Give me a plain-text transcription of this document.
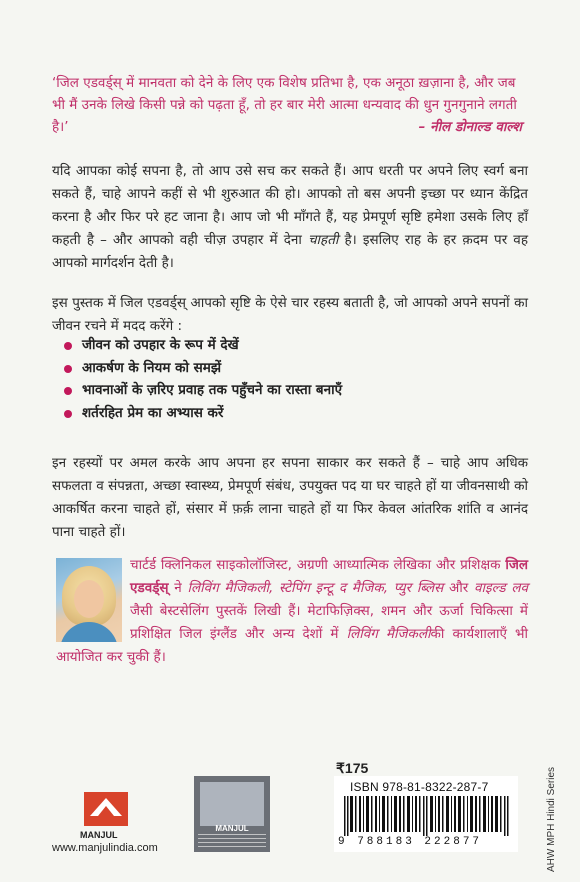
‘जिल एडवर्ड्स् में मानवता को देने के लिए एक विशेष प्रतिभा है, एक अनूठा ख़ज़ाना है, और जब भी मैं उनके लिखे किसी पन्ने को पढ़ता हूँ, तो हर बार मेरी आत्मा धन्यवाद की धुन गुनगुनाने लगती है।’	– नील डोनाल्ड वाल्श

यदि आपका कोई सपना है, तो आप उसे सच कर सकते हैं। आप धरती पर अपने लिए स्वर्ग बना सकते हैं, चाहे आपने कहीं से भी शुरुआत की हो। आपको तो बस अपनी इच्छा पर ध्यान केंद्रित करना है और फिर परे हट जाना है। आप जो भी माँगते हैं, यह प्रेमपूर्ण सृष्टि हमेशा उसके लिए हाँ कहती है – और आपको वही चीज़ उपहार में देना चाहती है। इसलिए राह के हर क़दम पर वह आपको मार्गदर्शन देती है।

इस पुस्तक में जिल एडवर्ड्स् आपको सृष्टि के ऐसे चार रहस्य बताती है, जो आपको अपने सपनों का जीवन रचने में मदद करेंगे :

जीवन को उपहार के रूप में देखें
आकर्षण के नियम को समझें
भावनाओं के ज़रिए प्रवाह तक पहुँचने का रास्ता बनाएँ
शर्तरहित प्रेम का अभ्यास करें

इन रहस्यों पर अमल करके आप अपना हर सपना साकार कर सकते हैं – चाहे आप अधिक सफलता व संपन्नता, अच्छा स्वास्थ्य, प्रेमपूर्ण संबंध, उपयुक्त पद या घर चाहते हों या जीवनसाथी को आकर्षित करना चाहते हों, संसार में फ़र्क़ लाना चाहते हों या फिर केवल आंतरिक शांति व आनंद पाना चाहते हों।

चार्टर्ड क्लिनिकल साइकोलॉजिस्ट, अग्रणी आध्यात्मिक लेखिका और प्रशिक्षक जिल एडवर्ड्स् ने लिविंग मैजिकली, स्टेपिंग इन्टू द मैजिक, प्युर ब्लिस और वाइल्ड लव जैसी बेस्टसेलिंग पुस्तकें लिखी हैं। मेटाफिज़िक्स, शमन और ऊर्जा चिकित्सा में प्रशिक्षित जिल इंग्लैंड और अन्य देशों में लिविंग मैजिकलीकी कार्यशालाएँ भी आयोजित कर चुकी हैं।

₹175
ISBN 978-81-8322-287-7
9 788183 222877	AHW MPH Hindi Series
MANJUL
www.manjulindia.com
MANJUL
